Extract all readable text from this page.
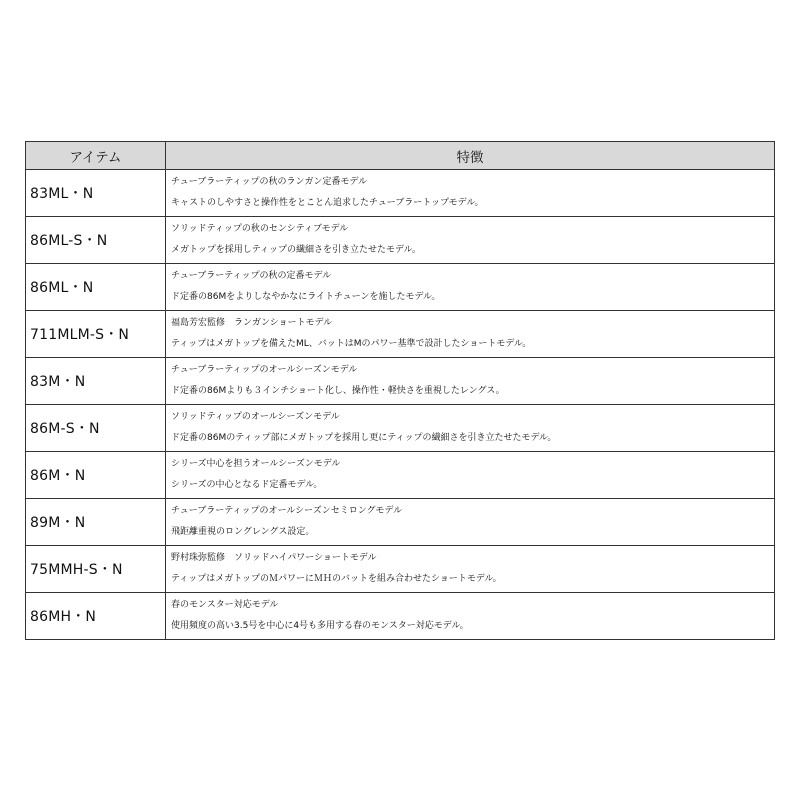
アイテム	特徴
83ML・N	チューブラーティップの秋のランガン定番モデル
キャストのしやすさと操作性をとことん追求したチューブラートップモデル。

86ML-S・N	ソリッドティップの秋のセンシティブモデル
メガトップを採用しティップの繊細さを引き立たせたモデル。

86ML・N	チューブラーティップの秋の定番モデル
ド定番の86Mをよりしなやかなにライトチューンを施したモデル。

711MLM-S・N	福島芳宏監修　ランガンショートモデル
ティップはメガトップを備えたML、バットはMのパワー基準で設計したショートモデル。

83M・N	チューブラーティップのオールシーズンモデル
ド定番の86Mよりも３インチショート化し、操作性・軽快さを重視したレングス。

86M-S・N	ソリッドティップのオールシーズンモデル
ド定番の86Mのティップ部にメガトップを採用し更にティップの繊細さを引き立たせたモデル。

86M・N	シリーズ中心を担うオールシーズンモデル
シリーズの中心となるド定番モデル。

89M・N	チューブラーティップのオールシーズンセミロングモデル
飛距離重視のロングレングス設定。

75MMH-S・N	野村珠弥監修　ソリッドハイパワーショートモデル
ティップはメガトップのＭパワーにＭＨのバットを組み合わせたショートモデル。

86MH・N	春のモンスター対応モデル
使用頻度の高い3.5号を中心に4号も多用する春のモンスター対応モデル。
